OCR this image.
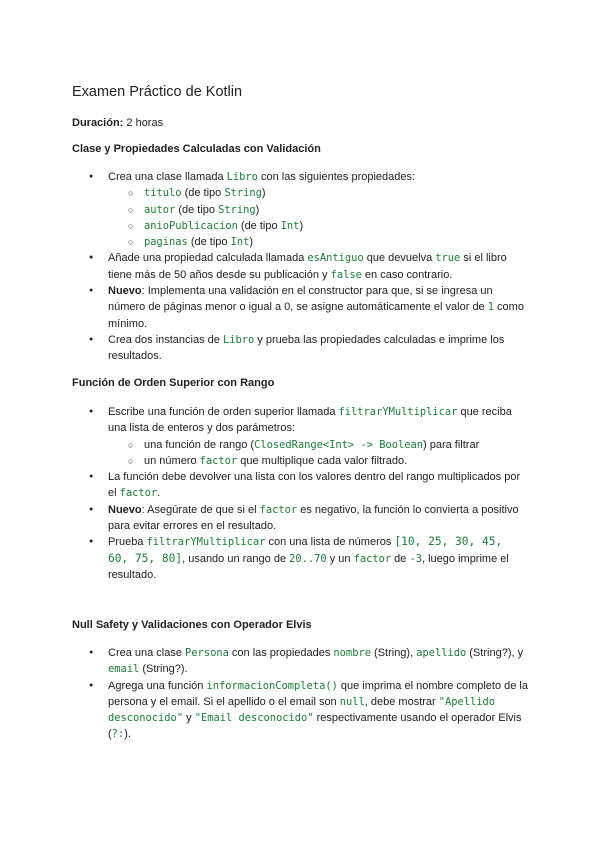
Examen Práctico de Kotlin

Duración: 2 horas

Clase y Propiedades Calculadas con Validación
● Crea una clase llamada Libro con las siguientes propiedades:
○ titulo (de tipo String)
○ autor (de tipo String)
○ anioPublicacion (de tipo Int)
○ paginas (de tipo Int)
● Añade una propiedad calculada llamada esAntiguo que devuelva true si el libro tiene más de 50 años desde su publicación y false en caso contrario.
● Nuevo: Implementa una validación en el constructor para que, si se ingresa un número de páginas menor o igual a 0, se asigne automáticamente el valor de 1 como mínimo.
● Crea dos instancias de Libro y prueba las propiedades calculadas e imprime los resultados.
Función de Orden Superior con Rango
● Escribe una función de orden superior llamada filtrarYMultiplicar que reciba una lista de enteros y dos parámetros:
○ una función de rango (ClosedRange<Int> -> Boolean) para filtrar
○ un número factor que multiplique cada valor filtrado.
● La función debe devolver una lista con los valores dentro del rango multiplicados por el factor.
● Nuevo: Asegúrate de que si el factor es negativo, la función lo convierta a positivo para evitar errores en el resultado.
● Prueba filtrarYMultiplicar con una lista de números [10, 25, 30, 45, 60, 75, 80], usando un rango de 20..70 y un factor de -3, luego imprime el resultado.
Null Safety y Validaciones con Operador Elvis
● Crea una clase Persona con las propiedades nombre (String), apellido (String?), y email (String?).
● Agrega una función informacionCompleta() que imprima el nombre completo de la persona y el email. Si el apellido o el email son null, debe mostrar "Apellido desconocido" y "Email desconocido" respectivamente usando el operador Elvis (?:).
